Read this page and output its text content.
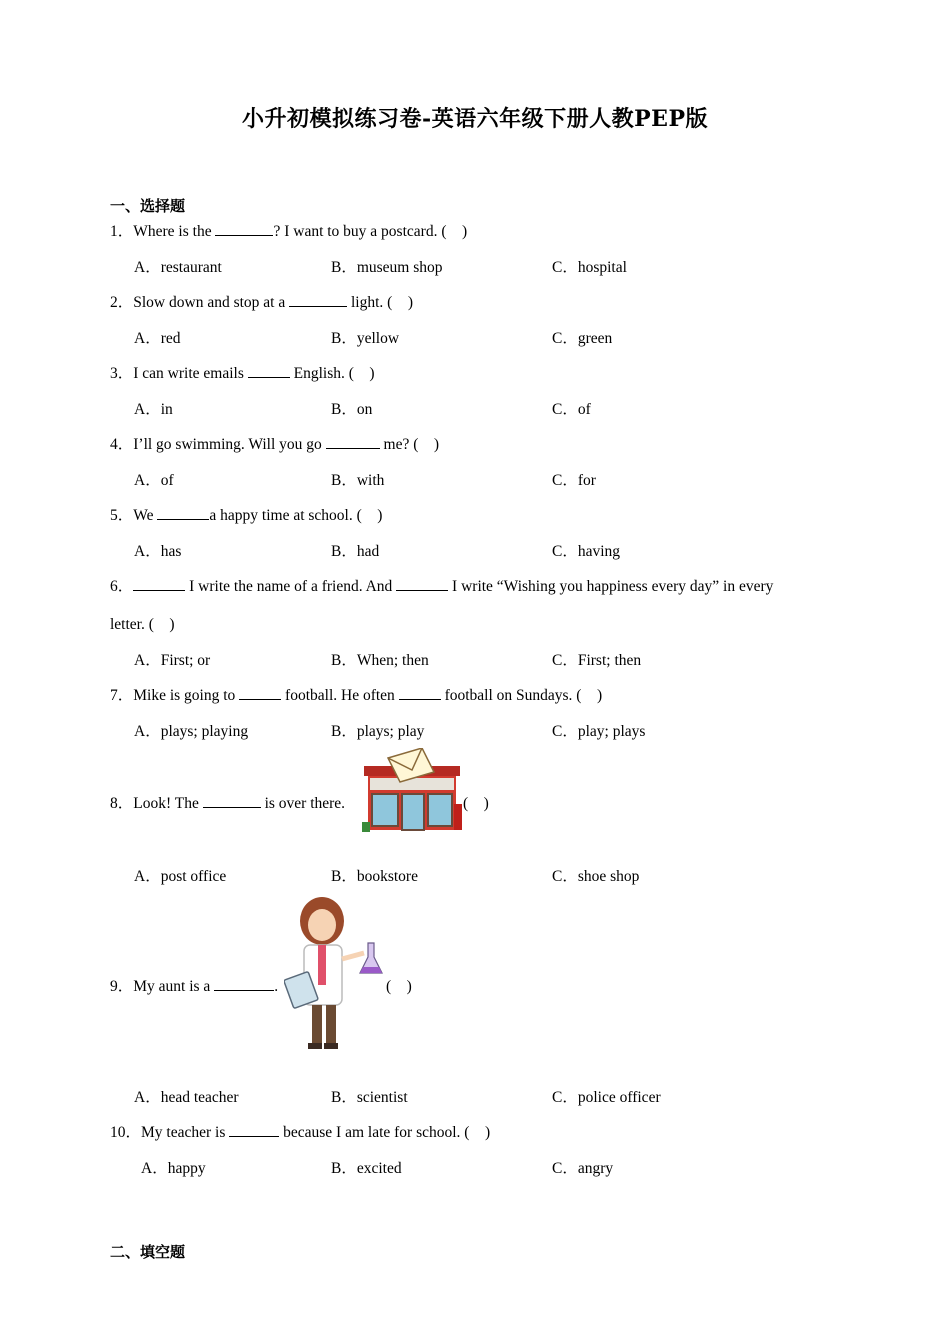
小升初模拟练习卷-英语六年级下册人教PEP版
一、选择题
1．Where is the	? I want to buy a postcard. (　)
A．restaurant	B．museum shop	C．hospital
2．Slow down and stop at a	light. (　)
A．red	B．yellow	C．green
3．I can write emails	English. (　)
A．in	B．on	C．of
4．I’ll go swimming. Will you go	me? (　)
A．of	B．with	C．for
5．We	a happy time at school. (　)
A．has	B．had	C．having
6．	I write the name of a friend. And	I write “Wishing you happiness every day” in every
letter. (　)
A．First; or	B．When; then	C．First; then
7．Mike is going to	football. He often	football on Sundays. (　)
A．plays; playing	B．plays; play	C．play; plays
8．Look! The	is over there.	(　)
A．post office	B．bookstore	C．shoe shop
9．My aunt is a	.	(　)
A．head teacher	B．scientist	C．police officer
10．My teacher is	because I am late for school. (　)
A．happy	B．excited	C．angry
二、填空题
